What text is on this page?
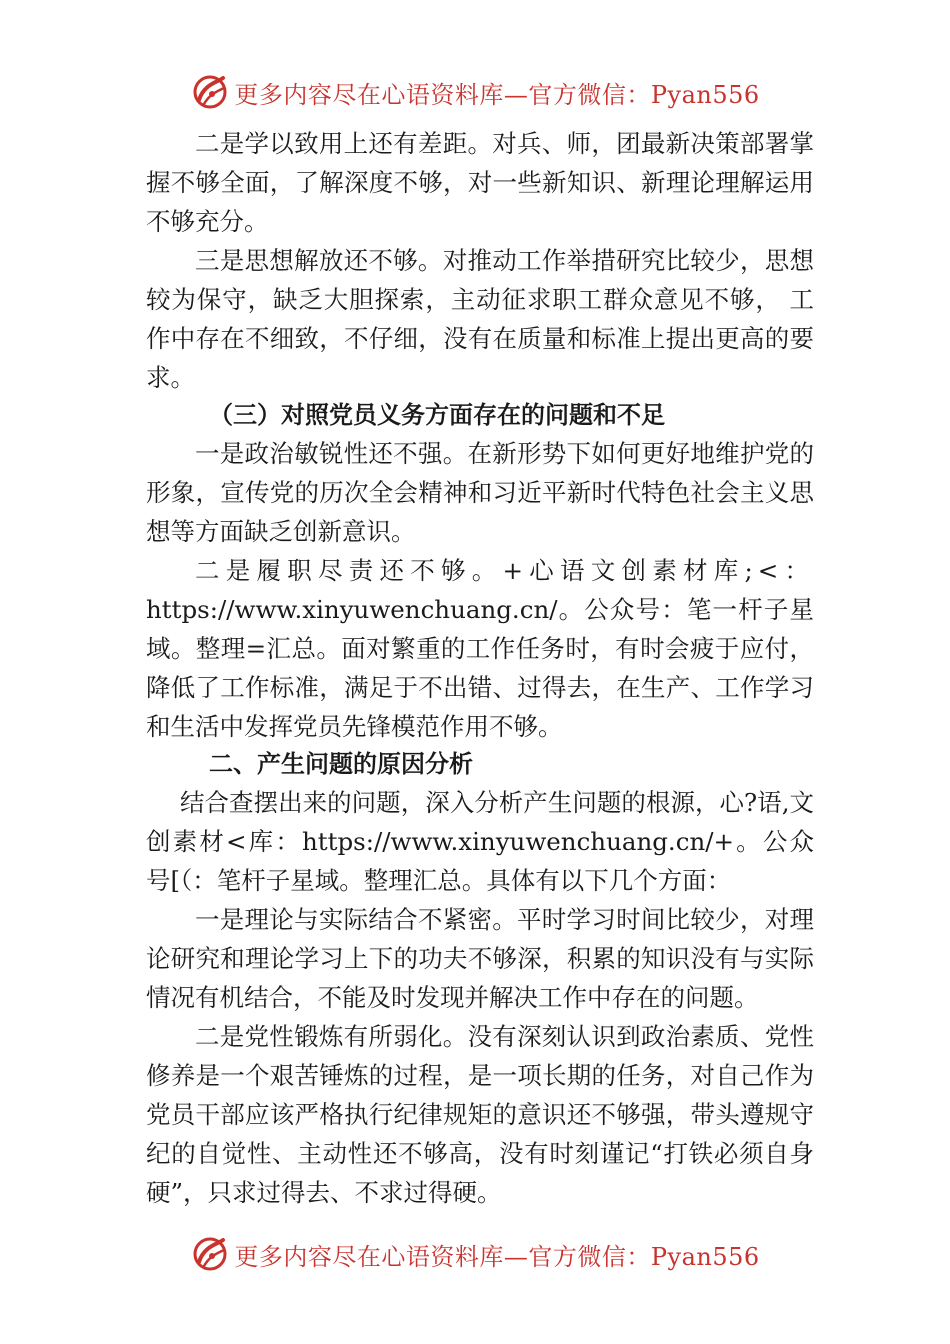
更多内容尽在心语资料库—官方微信：Pyan556

二是学以致用上还有差距。对兵、师，团最新决策部署掌握不够全面，了解深度不够，对一些新知识、新理论理解运用不够充分。

三是思想解放还不够。对推动工作举措研究比较少，思想较为保守，缺乏大胆探索，主动征求职工群众意见不够， 工作中存在不细致，不仔细，没有在质量和标准上提出更高的要求。

（三）对照党员义务方面存在的问题和不足

一是政治敏锐性还不强。在新形势下如何更好地维护党的形象，宣传党的历次全会精神和习近平新时代特色社会主义思想等方面缺乏创新意识。

二是履职尽责还不够。+心语文创素材库;<：

https://www.xinyuwenchuang.cn/。公众号：笔一杆子星域。整理=汇总。面对繁重的工作任务时，有时会疲于应付，降低了工作标准，满足于不出错、过得去，在生产、工作学习和生活中发挥党员先锋模范作用不够。

二、产生问题的原因分析

结合查摆出来的问题，深入分析产生问题的根源，心?语,文创素材<库：https://www.xinyuwenchuang.cn/+。公众号[（：笔杆子星域。整理汇总。具体有以下几个方面：

一是理论与实际结合不紧密。平时学习时间比较少，对理论研究和理论学习上下的功夫不够深，积累的知识没有与实际情况有机结合，不能及时发现并解决工作中存在的问题。

二是党性锻炼有所弱化。没有深刻认识到政治素质、党性修养是一个艰苦锤炼的过程，是一项长期的任务，对自己作为党员干部应该严格执行纪律规矩的意识还不够强，带头遵规守纪的自觉性、主动性还不够高，没有时刻谨记“打铁必须自身硬”，只求过得去、不求过得硬。

更多内容尽在心语资料库—官方微信：Pyan556
